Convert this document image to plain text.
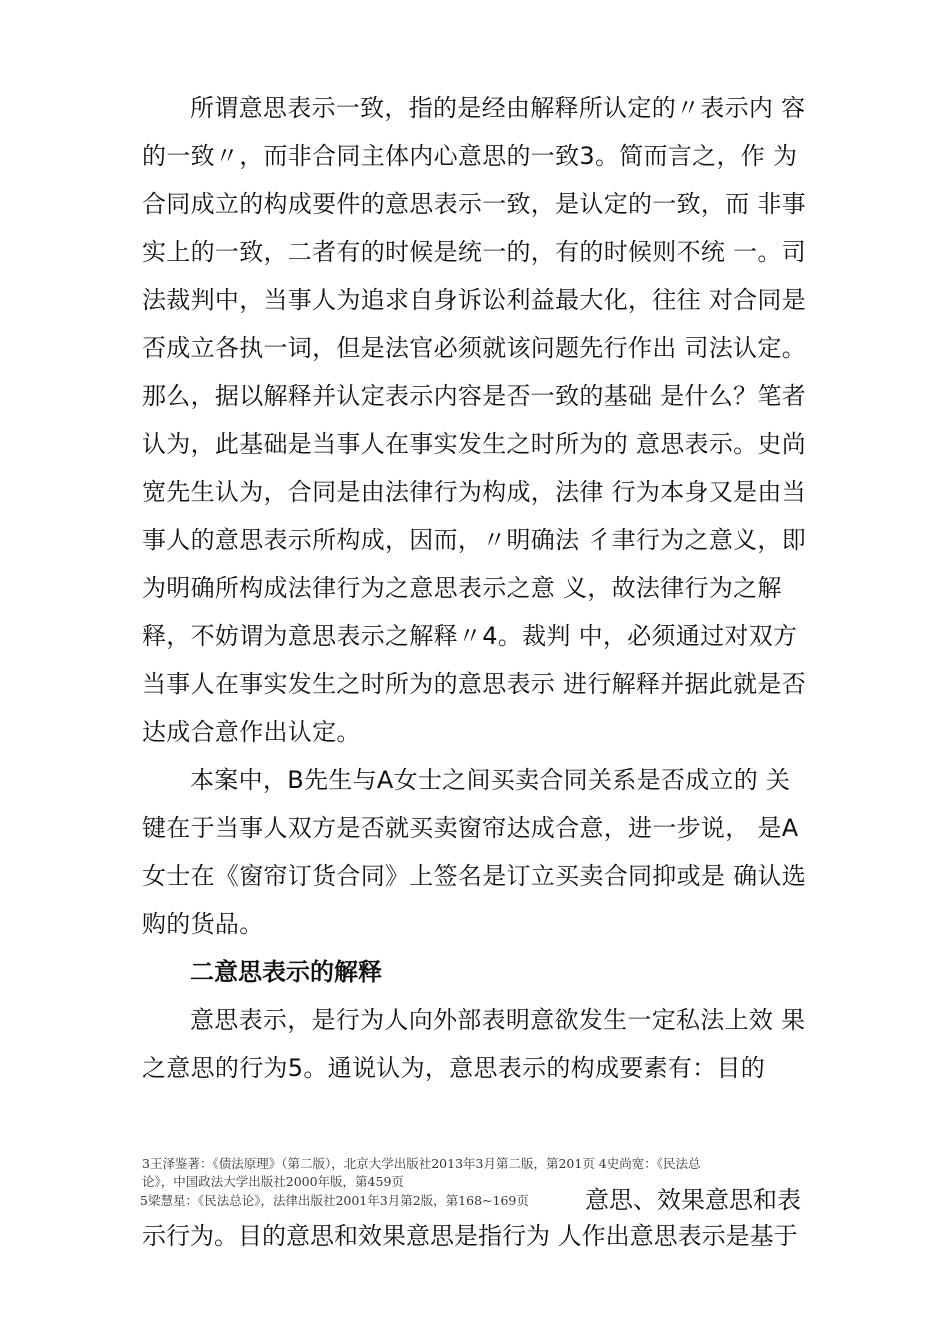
所谓意思表示一致，指的是经由解释所认定的〃表示内 容
的一致〃，而非合同主体内心意思的一致3。简而言之，作 为
合同成立的构成要件的意思表示一致，是认定的一致，而 非事
实上的一致，二者有的时候是统一的，有的时候则不统 一。司
法裁判中，当事人为追求自身诉讼利益最大化，往往 对合同是
否成立各执一词，但是法官必须就该问题先行作出 司法认定。
那么，据以解释并认定表示内容是否一致的基础 是什么？笔者
认为，此基础是当事人在事实发生之时所为的 意思表示。史尚
宽先生认为，合同是由法律行为构成，法律 行为本身又是由当
事人的意思表示所构成，因而，〃明确法 彳聿行为之意义，即
为明确所构成法律行为之意思表示之意 义，故法律行为之解
释，不妨谓为意思表示之解释〃4。裁判 中，必须通过对双方
当事人在事实发生之时所为的意思表示 进行解释并据此就是否
达成合意作出认定。
本案中，B先生与A女士之间买卖合同关系是否成立的 关
键在于当事人双方是否就买卖窗帘达成合意，进一步说， 是A
女士在《窗帘订货合同》上签名是订立买卖合同抑或是 确认选
购的货品。
二意思表示的解释
意思表示，是行为人向外部表明意欲发生一定私法上效 果
之意思的行为5。通说认为，意思表示的构成要素有：目的
3王泽鉴著：《债法原理》（第二版），北京大学出版社2013年3月第二版，第201页 4史尚宽：《民法总
论》，中国政法大学出版社2000年版，第459页
5梁慧星：《民法总论》，法律出版社2001年3月第2版，第168~169页 意思、效果意思和表
示行为。目的意思和效果意思是指行为 人作出意思表示是基于
